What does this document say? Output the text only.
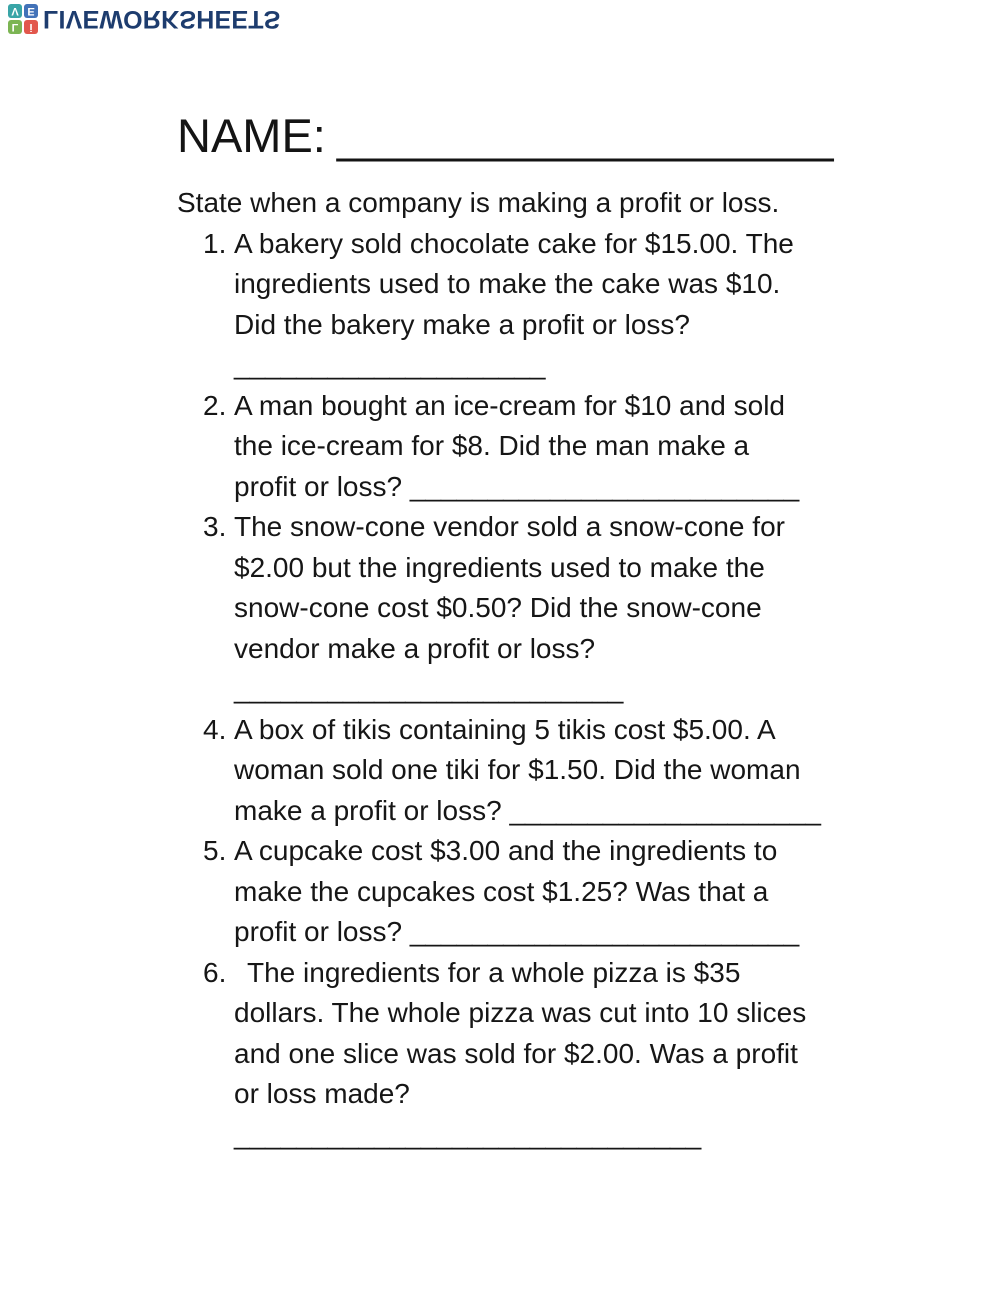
L	i
V E LIVEWORKSHEETS
NAME: ___________________
State when a company is making a profit or loss.
1. A bakery sold chocolate cake for $15.00. The
ingredients used to make the cake was $10.
Did the bakery make a profit or loss?
____________________
2. A man bought an ice-cream for $10 and sold
the ice-cream for $8. Did the man make a
profit or loss? _________________________
3. The snow-cone vendor sold a snow-cone for
$2.00 but the ingredients used to make the
snow-cone cost $0.50? Did the snow-cone
vendor make a profit or loss?
_________________________
4. A box of tikis containing 5 tikis cost $5.00. A
woman sold one tiki for $1.50. Did the woman
make a profit or loss? ____________________
5. A cupcake cost $3.00 and the ingredients to
make the cupcakes cost $1.25? Was that a
profit or loss? _________________________
6. The ingredients for a whole pizza is $35
dollars. The whole pizza was cut into 10 slices
and one slice was sold for $2.00. Was a profit
or loss made?
______________________________
